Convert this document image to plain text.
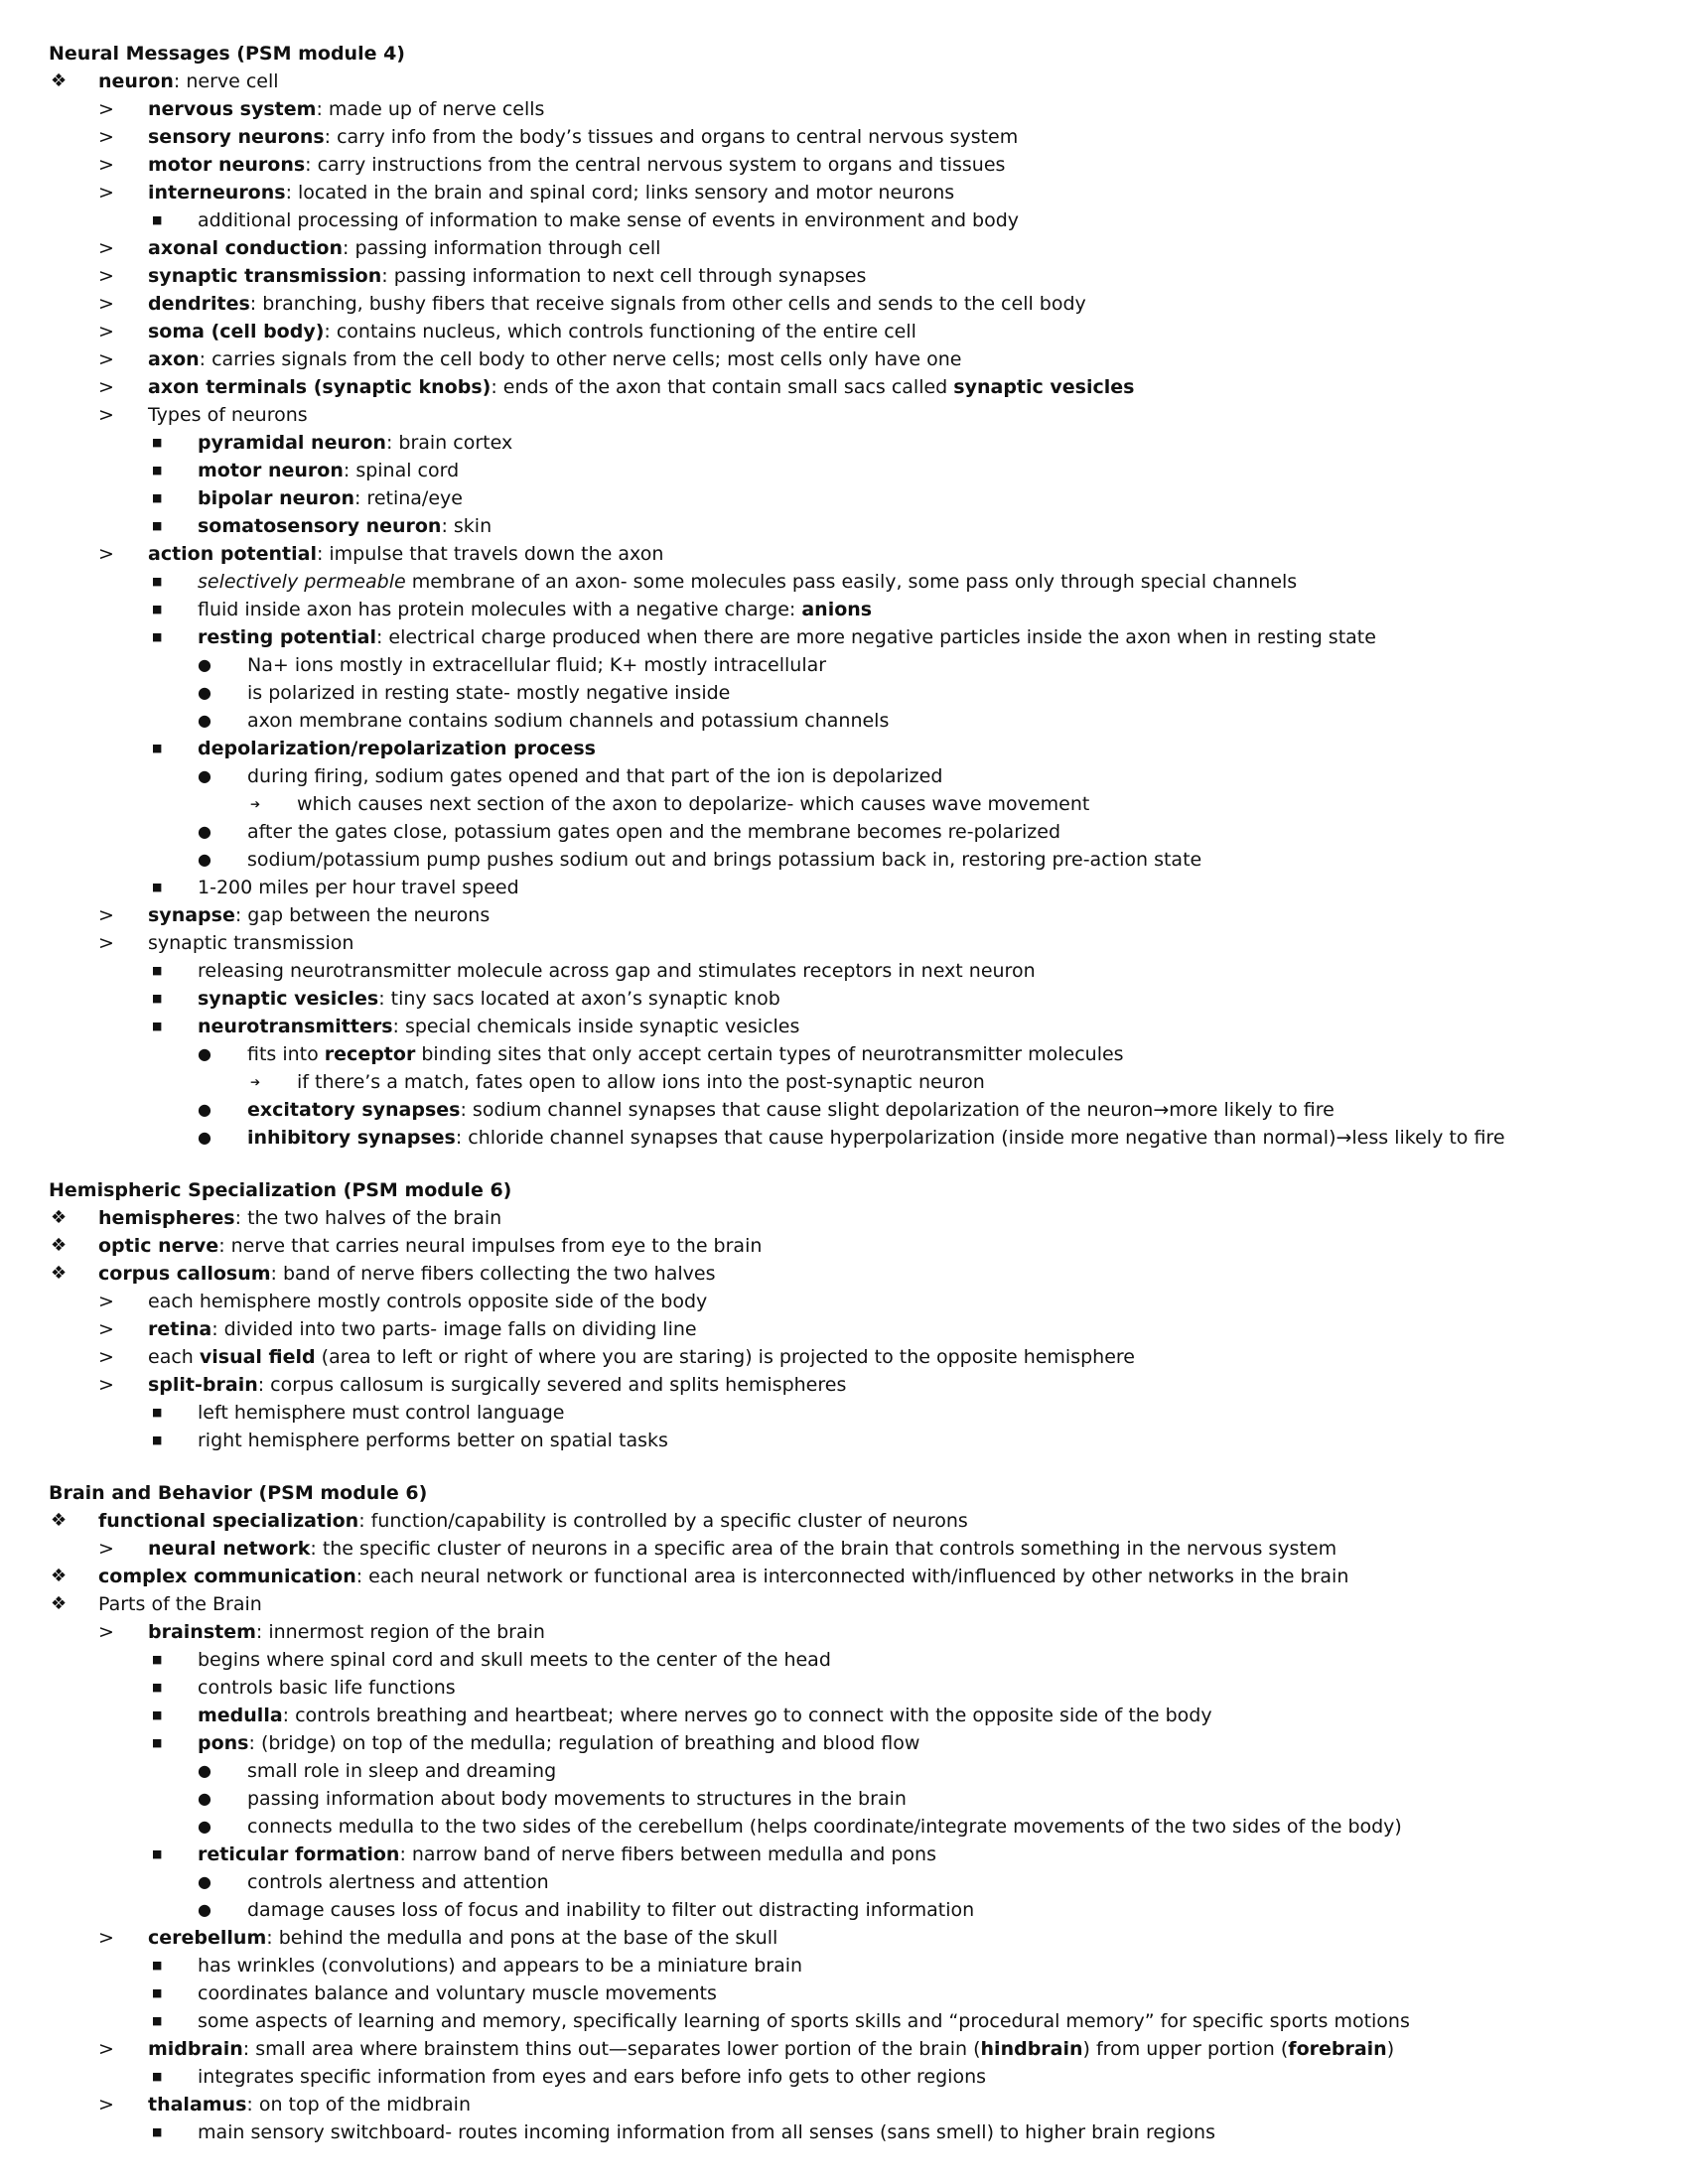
Neural Messages (PSM module 4)
❖	neuron: nerve cell
>	nervous system: made up of nerve cells
>	sensory neurons: carry info from the body’s tissues and organs to central nervous system
>	motor neurons: carry instructions from the central nervous system to organs and tissues
>	interneurons: located in the brain and spinal cord; links sensory and motor neurons
■	additional processing of information to make sense of events in environment and body
>	axonal conduction: passing information through cell
>	synaptic transmission: passing information to next cell through synapses
>	dendrites: branching, bushy fibers that receive signals from other cells and sends to the cell body
>	soma (cell body): contains nucleus, which controls functioning of the entire cell
>	axon: carries signals from the cell body to other nerve cells; most cells only have one
>	axon terminals (synaptic knobs): ends of the axon that contain small sacs called synaptic vesicles
>	Types of neurons
■	pyramidal neuron: brain cortex
■	motor neuron: spinal cord
■	bipolar neuron: retina/eye
■	somatosensory neuron: skin
>	action potential: impulse that travels down the axon
■	selectively permeable membrane of an axon- some molecules pass easily, some pass only through special channels
■	fluid inside axon has protein molecules with a negative charge: anions
■	resting potential: electrical charge produced when there are more negative particles inside the axon when in resting state
●	Na+ ions mostly in extracellular fluid; K+ mostly intracellular
●	is polarized in resting state- mostly negative inside
●	axon membrane contains sodium channels and potassium channels
■	depolarization/repolarization process
●	during firing, sodium gates opened and that part of the ion is depolarized
➔	which causes next section of the axon to depolarize- which causes wave movement
●	after the gates close, potassium gates open and the membrane becomes re-polarized
●	sodium/potassium pump pushes sodium out and brings potassium back in, restoring pre-action state
■	1-200 miles per hour travel speed
>	synapse: gap between the neurons
>	synaptic transmission
■	releasing neurotransmitter molecule across gap and stimulates receptors in next neuron
■	synaptic vesicles: tiny sacs located at axon’s synaptic knob
■	neurotransmitters: special chemicals inside synaptic vesicles
●	fits into receptor binding sites that only accept certain types of neurotransmitter molecules
➔	if there’s a match, fates open to allow ions into the post-synaptic neuron
●	excitatory synapses: sodium channel synapses that cause slight depolarization of the neuron→more likely to fire
●	inhibitory synapses: chloride channel synapses that cause hyperpolarization (inside more negative than normal)→less likely to fire
Hemispheric Specialization (PSM module 6)
❖	hemispheres: the two halves of the brain
❖	optic nerve: nerve that carries neural impulses from eye to the brain
❖	corpus callosum: band of nerve fibers collecting the two halves
>	each hemisphere mostly controls opposite side of the body
>	retina: divided into two parts- image falls on dividing line
>	each visual field (area to left or right of where you are staring) is projected to the opposite hemisphere
>	split-brain: corpus callosum is surgically severed and splits hemispheres
■	left hemisphere must control language
■	right hemisphere performs better on spatial tasks
Brain and Behavior (PSM module 6)
❖	functional specialization: function/capability is controlled by a specific cluster of neurons
>	neural network: the specific cluster of neurons in a specific area of the brain that controls something in the nervous system
❖	complex communication: each neural network or functional area is interconnected with/influenced by other networks in the brain
❖	Parts of the Brain
>	brainstem: innermost region of the brain
■	begins where spinal cord and skull meets to the center of the head
■	controls basic life functions
■	medulla: controls breathing and heartbeat; where nerves go to connect with the opposite side of the body
■	pons: (bridge) on top of the medulla; regulation of breathing and blood flow
●	small role in sleep and dreaming
●	passing information about body movements to structures in the brain
●	connects medulla to the two sides of the cerebellum (helps coordinate/integrate movements of the two sides of the body)
■	reticular formation: narrow band of nerve fibers between medulla and pons
●	controls alertness and attention
●	damage causes loss of focus and inability to filter out distracting information
>	cerebellum: behind the medulla and pons at the base of the skull
■	has wrinkles (convolutions) and appears to be a miniature brain
■	coordinates balance and voluntary muscle movements
■	some aspects of learning and memory, specifically learning of sports skills and “procedural memory” for specific sports motions
>	midbrain: small area where brainstem thins out—separates lower portion of the brain (hindbrain) from upper portion (forebrain)
■	integrates specific information from eyes and ears before info gets to other regions
>	thalamus: on top of the midbrain
■	main sensory switchboard- routes incoming information from all senses (sans smell) to higher brain regions
